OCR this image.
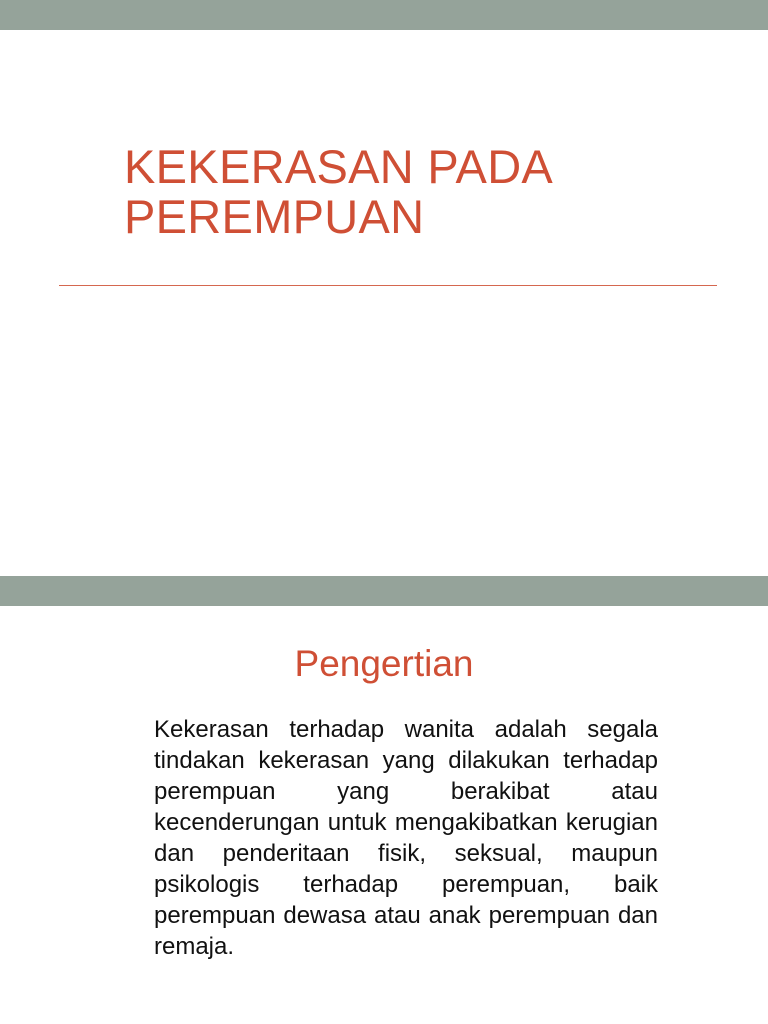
KEKERASAN PADA PEREMPUAN
Pengertian

Kekerasan terhadap wanita adalah segala tindakan kekerasan yang dilakukan terhadap perempuan yang berakibat atau kecenderungan untuk mengakibatkan kerugian dan penderitaan fisik, seksual, maupun psikologis terhadap perempuan, baik perempuan dewasa atau anak perempuan dan remaja.
